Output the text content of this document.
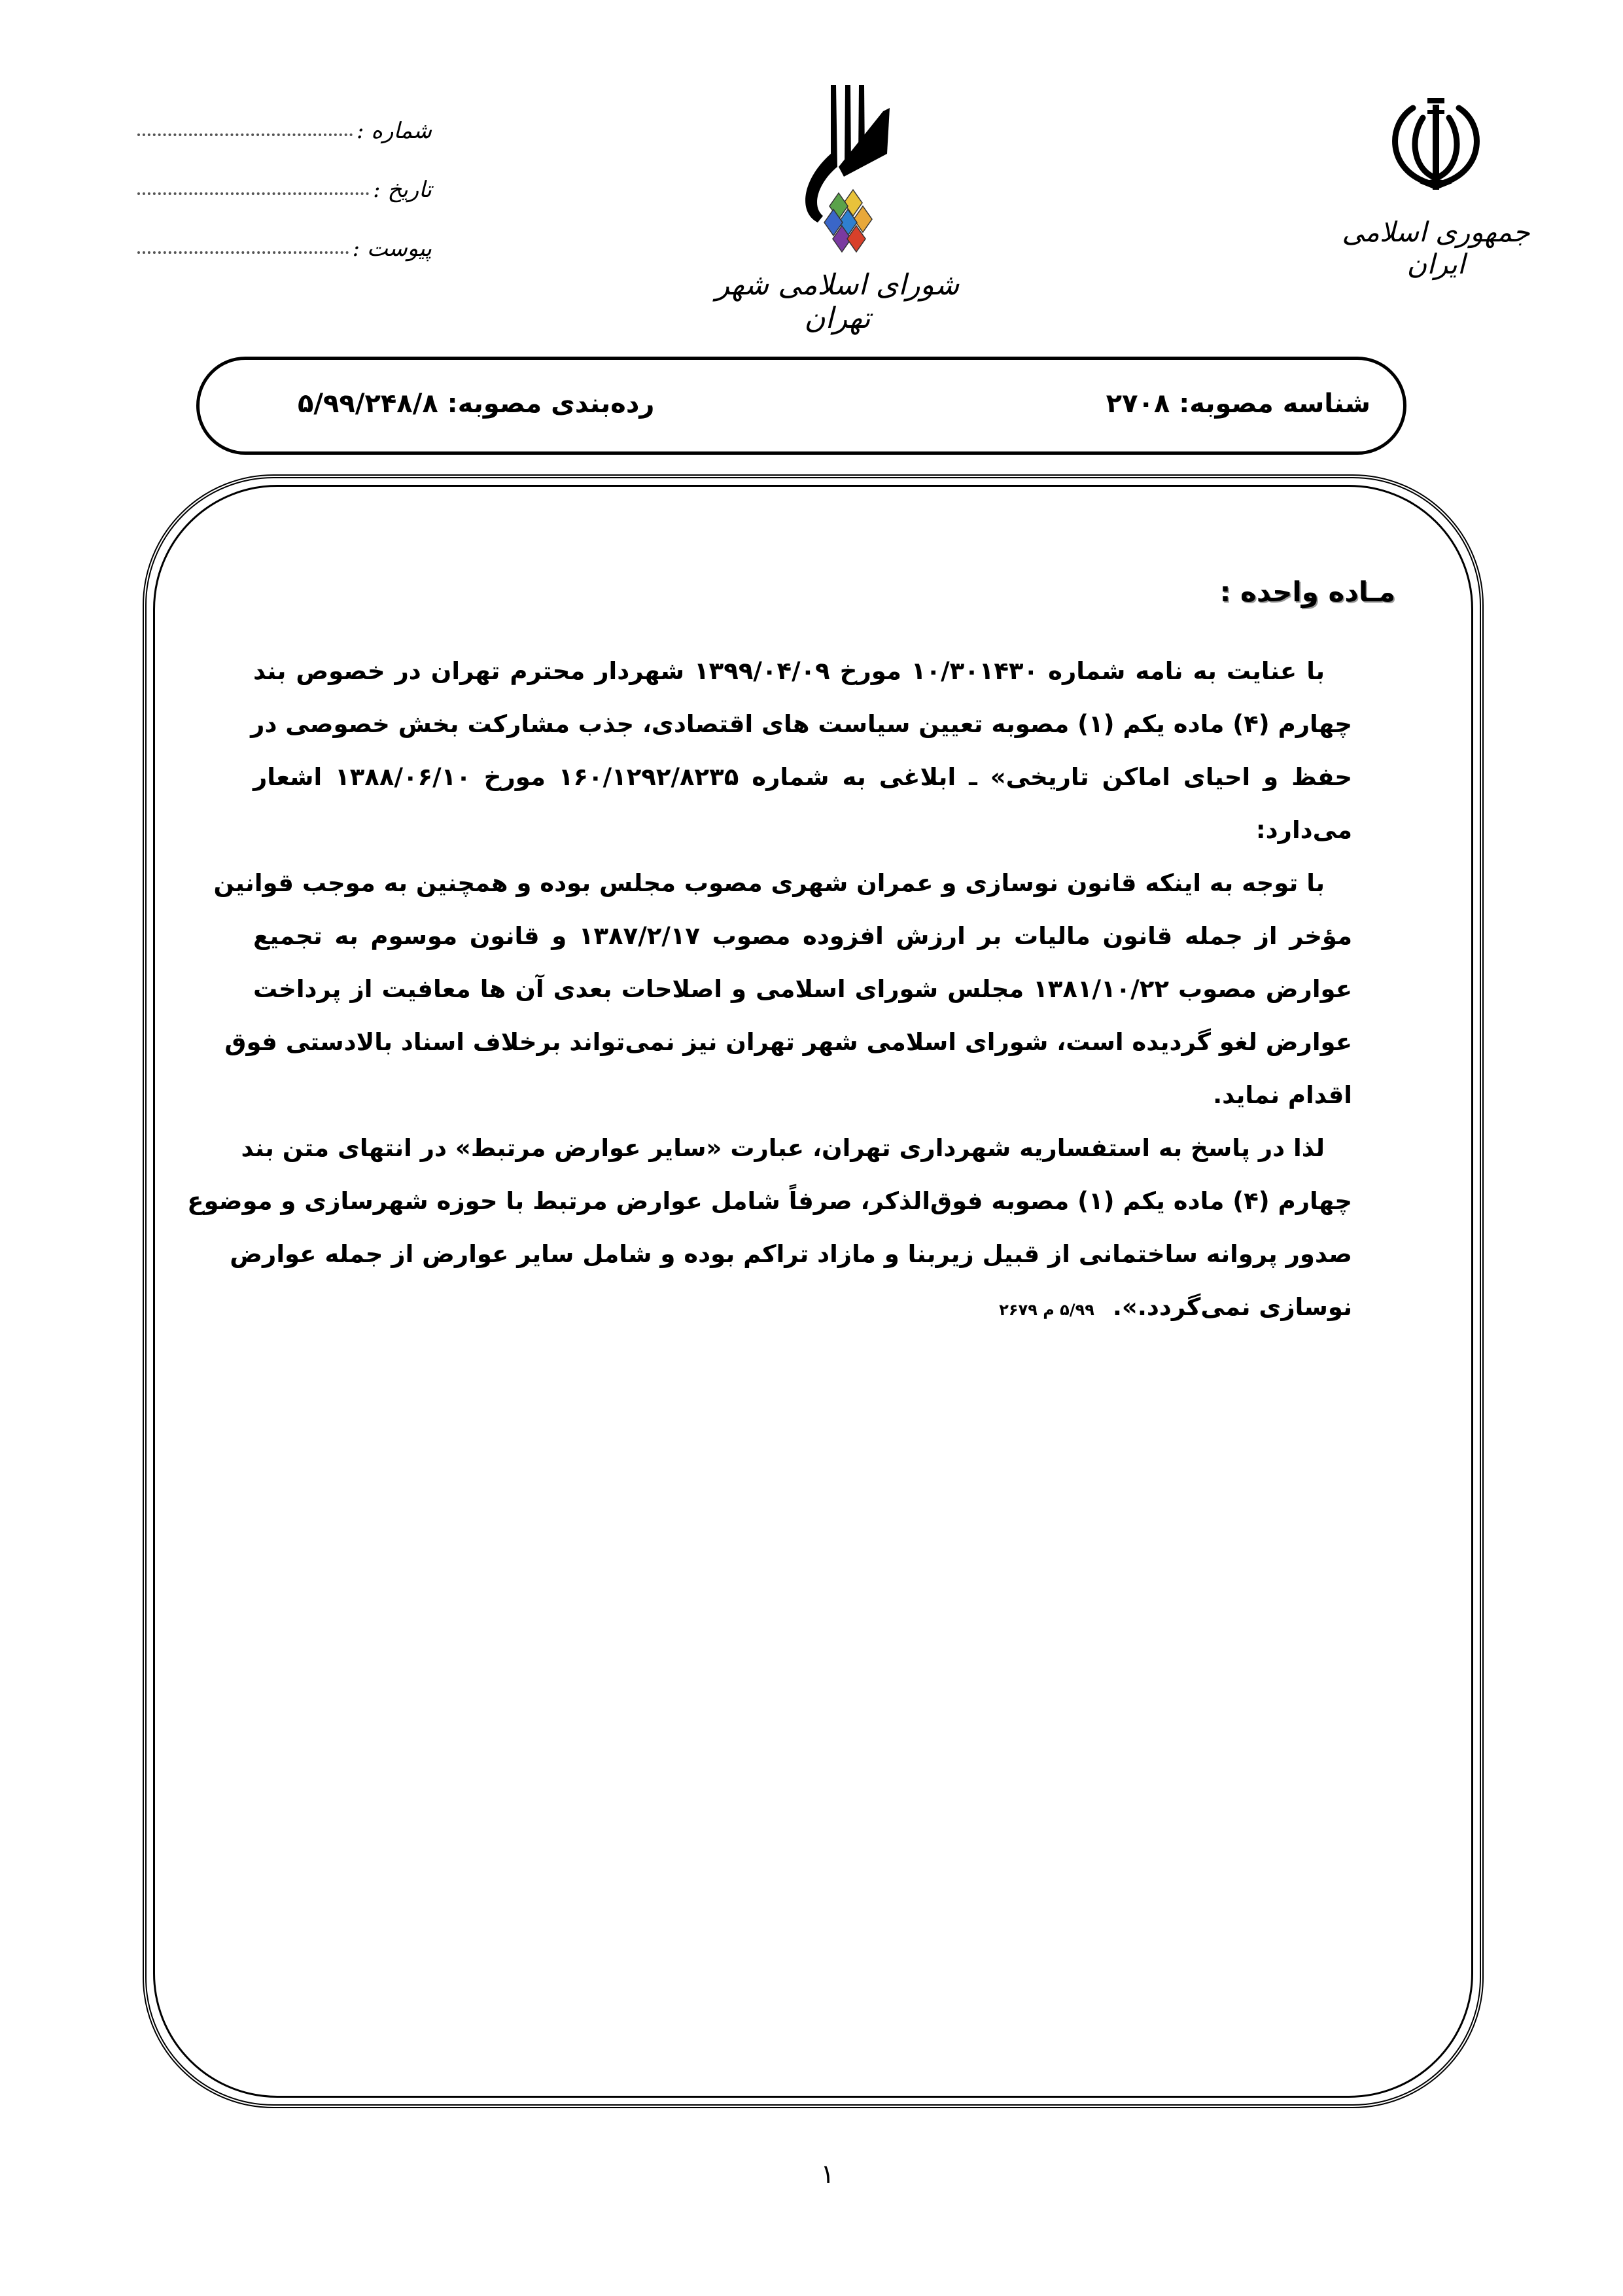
جمهوری اسلامی ایران
شورای اسلامی شهر تهران
شماره :
تاریخ :
پیوست :
شناسه مصوبه: ۲۷۰۸
رده‌بندی مصوبه: ۵/۹۹/۲۴۸/۸
مـاده واحده :
با عنایت به نامه شماره ۱۰/۳۰۱۴۳۰ مورخ ۱۳۹۹/۰۴/۰۹ شهردار محترم تهران در خصوص بند
چهارم (۴) ماده یکم (۱) مصوبه تعیین سیاست های اقتصادی، جذب مشارکت بخش خصوصی در
حفظ و احیای اماکن تاریخی» ـ ابلاغی به شماره ۱۶۰/۱۲۹۲/۸۲۳۵ مورخ ۱۳۸۸/۰۶/۱۰ اشعار
می‌دارد:
با توجه به اینکه قانون نوسازی و عمران شهری مصوب مجلس بوده و همچنین به موجب قوانین
مؤخر از جمله قانون مالیات بر ارزش افزوده مصوب ۱۳۸۷/۲/۱۷ و قانون موسوم به تجمیع
عوارض مصوب ۱۳۸۱/۱۰/۲۲ مجلس شورای اسلامی و اصلاحات بعدی آن ها معافیت از پرداخت
عوارض لغو گردیده است، شورای اسلامی شهر تهران نیز نمی‌تواند برخلاف اسناد بالادستی فوق
اقدام نماید.
لذا در پاسخ به استفساریه شهرداری تهران، عبارت «سایر عوارض مرتبط» در انتهای متن بند
چهارم (۴) ماده یکم (۱) مصوبه فوق‌الذکر، صرفاً شامل عوارض مرتبط با حوزه شهرسازی و موضوع
صدور پروانه ساختمانی از قبیل زیربنا و مازاد تراکم بوده و شامل سایر عوارض از جمله عوارض
نوسازی نمی‌گردد.».۵/۹۹ م ۲۶۷۹
۱
